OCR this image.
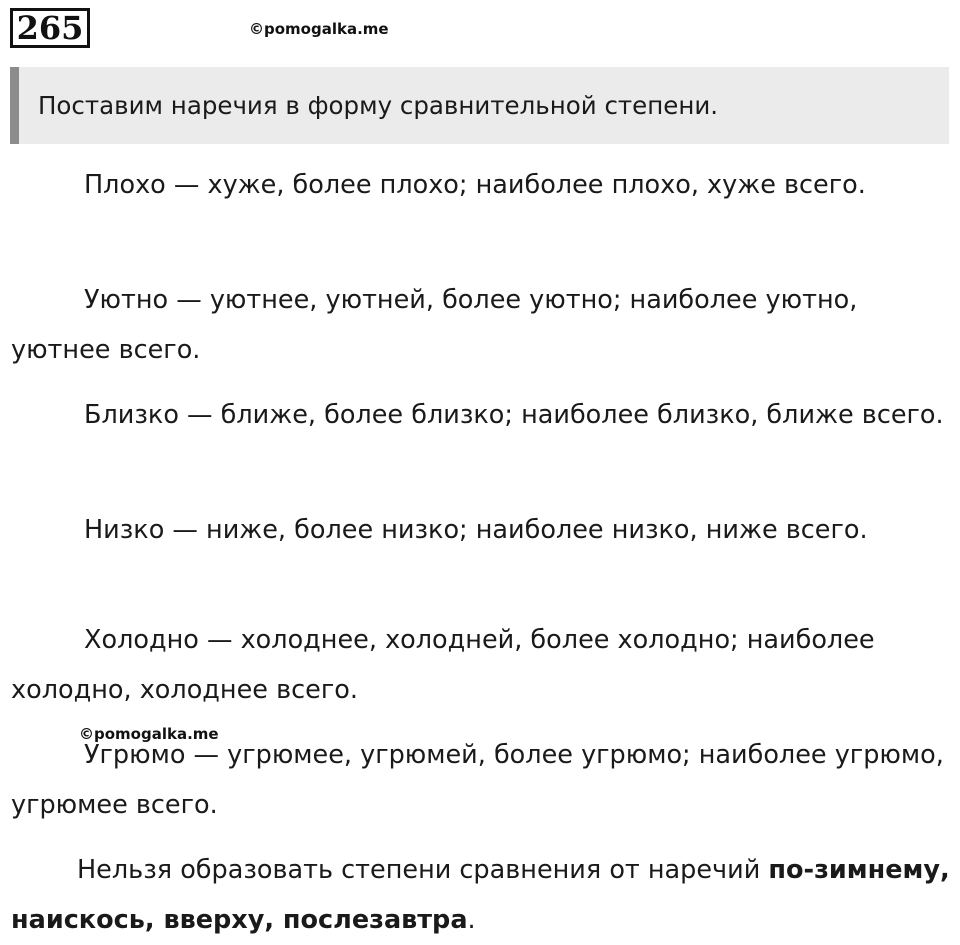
265	©pomogalka.me
Поставим наречия в форму сравнительной степени.

Плохо — хуже, более плохо; наиболее плохо, хуже всего.

Уютно — уютнее, уютней, более уютно; наиболее уютно, уютнее всего.

Близко — ближе, более близко; наиболее близко, ближе всего.

Низко — ниже, более низко; наиболее низко, ниже всего.

Холодно — холоднее, холодней, более холодно; наиболее холодно, холоднее всего.

©pomogalka.me

Угрюмо — угрюмее, угрюмей, более угрюмо; наиболее угрюмо, угрюмее всего.

Нельзя образовать степени сравнения от наречий по-зимнему, наискось, вверху, послезавтра.
